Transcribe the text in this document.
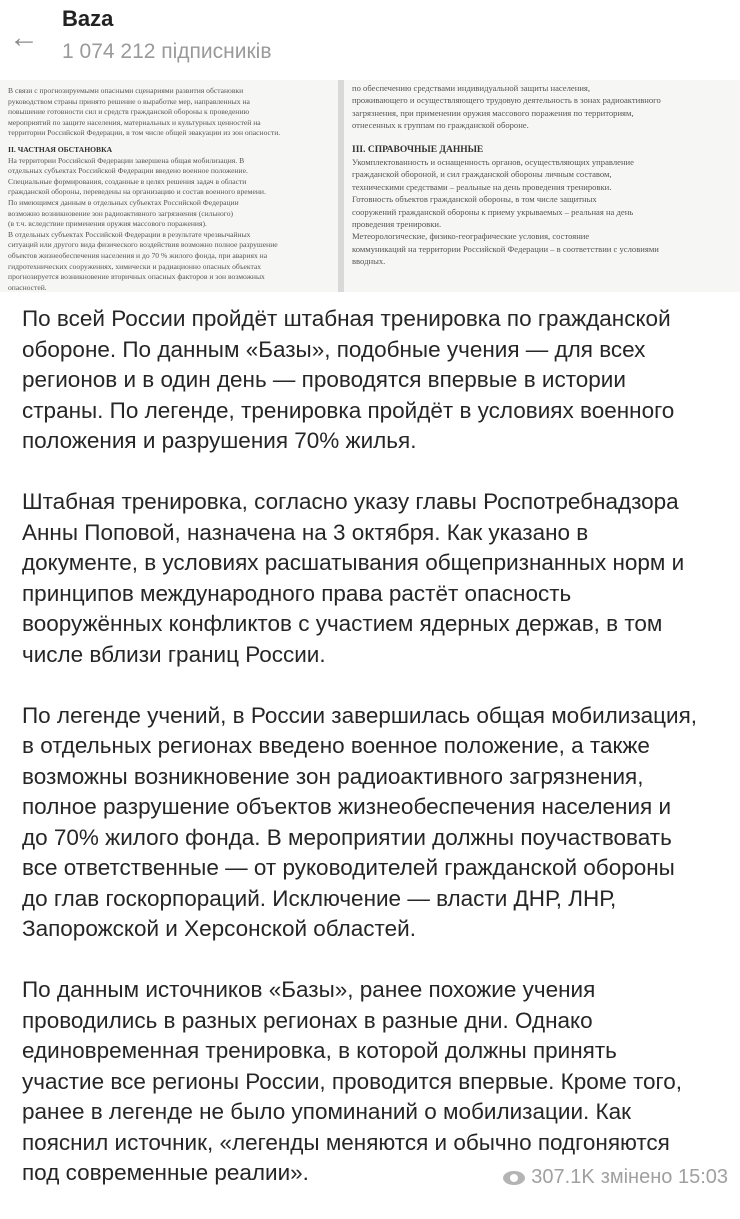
←
Baza
1 074 212 підписників
В связи с прогнозируемыми опасными сценариями развития обстановки
руководством страны принято решение о выработке мер, направленных на
повышение готовности сил и средств гражданской обороны к проведению
мероприятий по защите населения, материальных и культурных ценностей на
территории Российской Федерации, в том числе общей эвакуации из зон опасности.
II. ЧАСТНАЯ ОБСТАНОВКА
На территории Российской Федерации завершена общая мобилизация. В
отдельных субъектах Российской Федерации введено военное положение.
Специальные формирования, созданные в целях решения задач в области
гражданской обороны, переведены на организацию и состав военного времени.
По имеющимся данным в отдельных субъектах Российской Федерации
возможно возникновение зон радиоактивного загрязнения (сильного)
(в т.ч. вследствие применения оружия массового поражения).
В отдельных субъектах Российской Федерации в результате чрезвычайных
ситуаций или другого вида физического воздействия возможно полное разрушение
объектов жизнеобеспечения населения и до 70 % жилого фонда, при авариях на
гидротехнических сооружениях, химически и радиационно опасных объектах
прогнозируется возникновение вторичных опасных факторов и зон возможных
опасностей.
по обеспечению средствами индивидуальной защиты населения,
проживающего и осуществляющего трудовую деятельность в зонах радиоактивного
загрязнения, при применении оружия массового поражения по территориям,
отнесенных к группам по гражданской обороне.
III. СПРАВОЧНЫЕ ДАННЫЕ
Укомплектованность и оснащенность органов, осуществляющих управление
гражданской обороной, и сил гражданской обороны личным составом,
техническими средствами – реальные на день проведения тренировки.
Готовность объектов гражданской обороны, в том числе защитных
сооружений гражданской обороны к приему укрываемых – реальная на день
проведения тренировки.
Метеорологические, физико-географические условия, состояние
коммуникаций на территории Российской Федерации – в соответствии с условиями
вводных.
По всей России пройдёт штабная тренировка по гражданской
обороне. По данным «Базы», подобные учения — для всех
регионов и в один день — проводятся впервые в истории
страны. По легенде, тренировка пройдёт в условиях военного
положения и разрушения 70% жилья.
Штабная тренировка, согласно указу главы Роспотребнадзора
Анны Поповой, назначена на 3 октября. Как указано в
документе, в условиях расшатывания общепризнанных норм и
принципов международного права растёт опасность
вооружённых конфликтов с участием ядерных держав, в том
числе вблизи границ России.
По легенде учений, в России завершилась общая мобилизация,
в отдельных регионах введено военное положение, а также
возможны возникновение зон радиоактивного загрязнения,
полное разрушение объектов жизнеобеспечения населения и
до 70% жилого фонда. В мероприятии должны поучаствовать
все ответственные — от руководителей гражданской обороны
до глав госкорпораций. Исключение — власти ДНР, ЛНР,
Запорожской и Херсонской областей.
По данным источников «Базы», ранее похожие учения
проводились в разных регионах в разные дни. Однако
единовременная тренировка, в которой должны принять
участие все регионы России, проводится впервые. Кроме того,
ранее в легенде не было упоминаний о мобилизации. Как
пояснил источник, «легенды меняются и обычно подгоняются
под современные реалии».	307.1K змінено 15:03
